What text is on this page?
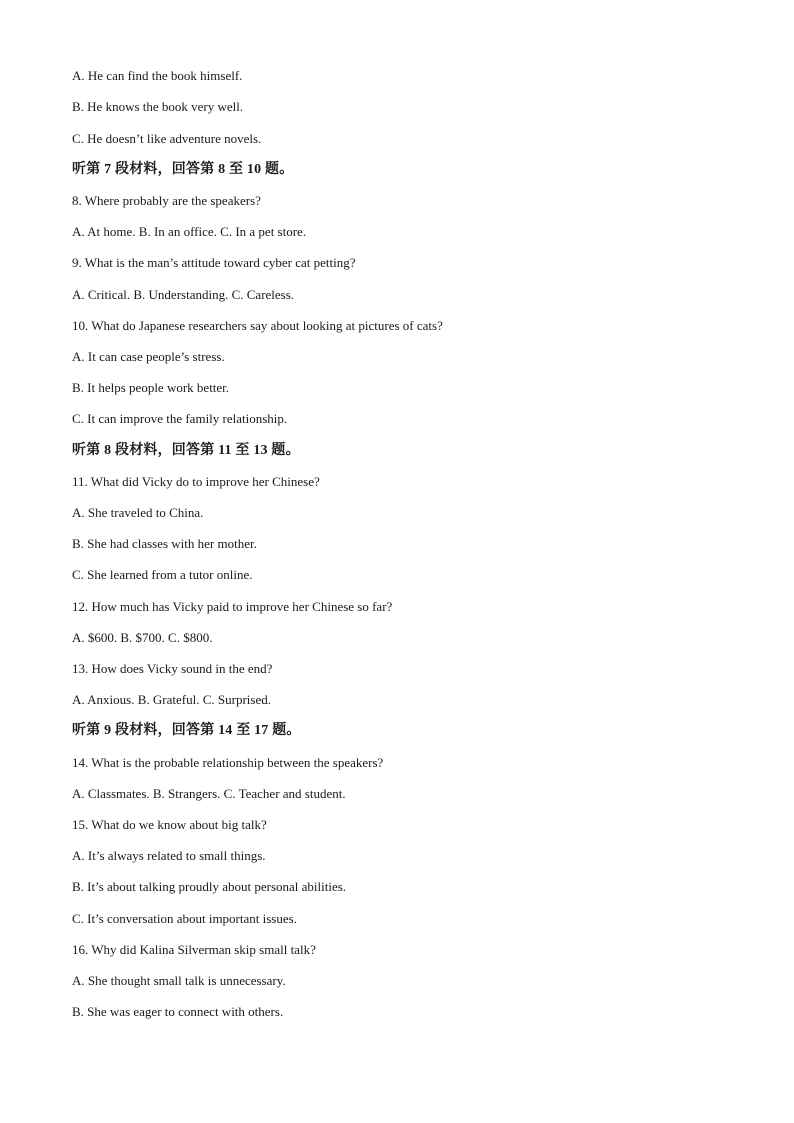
A. He can find the book himself.
B. He knows the book very well.
C. He doesn’t like adventure novels.
听第 7 段材料，回答第 8 至 10 题。
8. Where probably are the speakers?
A. At home. B. In an office. C. In a pet store.
9. What is the man’s attitude toward cyber cat petting?
A. Critical. B. Understanding. C. Careless.
10. What do Japanese researchers say about looking at pictures of cats?
A. It can case people’s stress.
B. It helps people work better.
C. It can improve the family relationship.
听第 8 段材料，回答第 11 至 13 题。
11. What did Vicky do to improve her Chinese?
A. She traveled to China.
B. She had classes with her mother.
C. She learned from a tutor online.
12. How much has Vicky paid to improve her Chinese so far?
A. $600. B. $700. C. $800.
13. How does Vicky sound in the end?
A. Anxious. B. Grateful. C. Surprised.
听第 9 段材料，回答第 14 至 17 题。
14. What is the probable relationship between the speakers?
A. Classmates. B. Strangers. C. Teacher and student.
15. What do we know about big talk?
A. It’s always related to small things.
B. It’s about talking proudly about personal abilities.
C. It’s conversation about important issues.
16. Why did Kalina Silverman skip small talk?
A. She thought small talk is unnecessary.
B. She was eager to connect with others.
